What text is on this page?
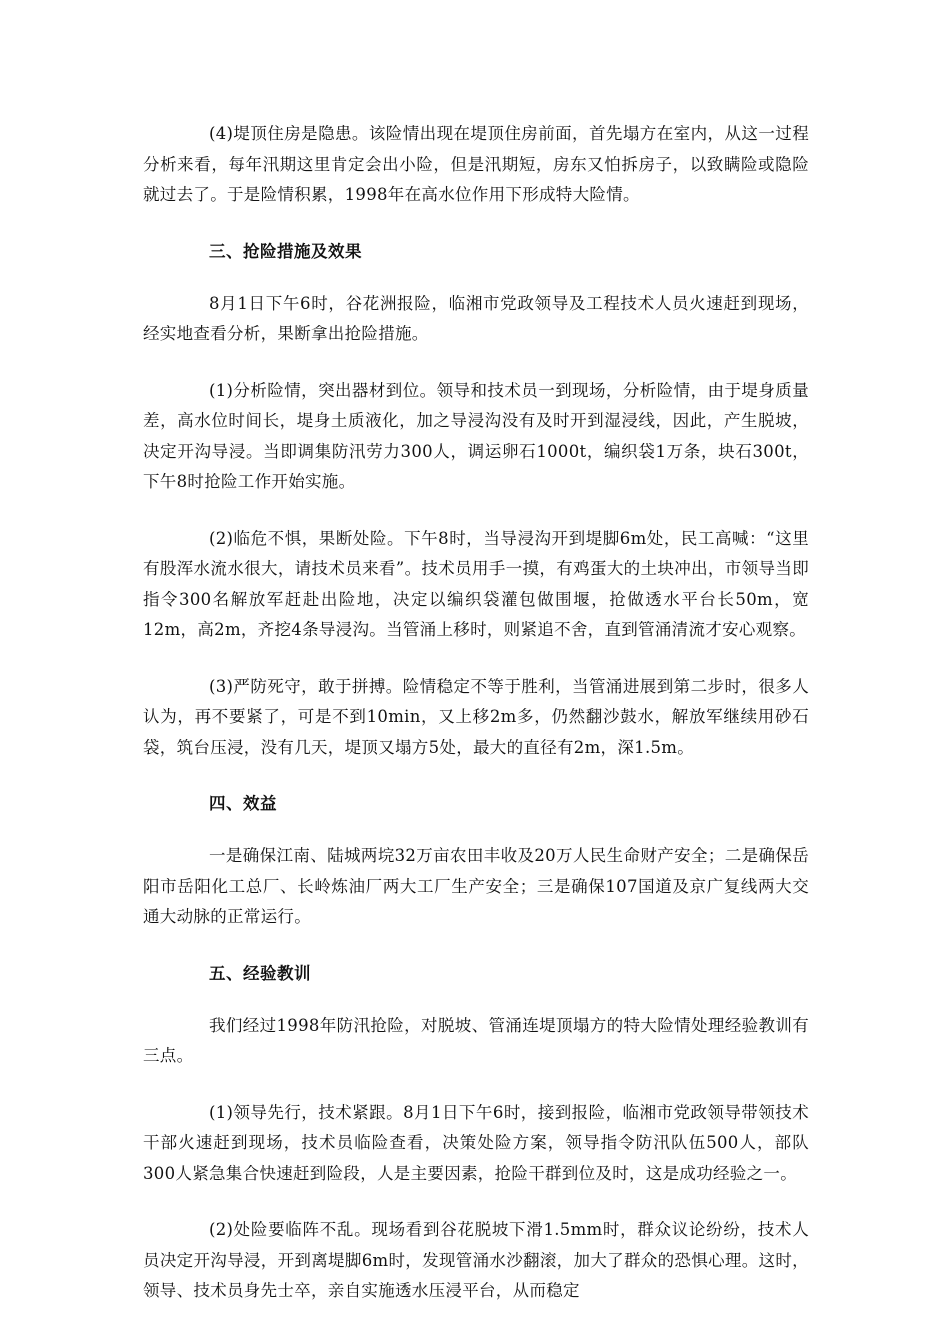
(4)堤顶住房是隐患。该险情出现在堤顶住房前面，首先塌方在室内，从这一过程分析来看，每年汛期这里肯定会出小险，但是汛期短，房东又怕拆房子，以致瞒险或隐险就过去了。于是险情积累，1998年在高水位作用下形成特大险情。

三、抢险措施及效果

8月1日下午6时，谷花洲报险，临湘市党政领导及工程技术人员火速赶到现场，经实地查看分析，果断拿出抢险措施。

(1)分析险情，突出器材到位。领导和技术员一到现场，分析险情，由于堤身质量差，高水位时间长，堤身土质液化，加之导浸沟没有及时开到湿浸线，因此，产生脱坡，决定开沟导浸。当即调集防汛劳力300人，调运卵石1000t，编织袋1万条，块石300t，下午8时抢险工作开始实施。

(2)临危不惧，果断处险。下午8时，当导浸沟开到堤脚6m处，民工高喊：“这里有股浑水流水很大，请技术员来看”。技术员用手一摸，有鸡蛋大的土块冲出，市领导当即指令300名解放军赶赴出险地，决定以编织袋灌包做围堰，抢做透水平台长50m，宽12m，高2m，齐挖4条导浸沟。当管涌上移时，则紧追不舍，直到管涌清流才安心观察。

(3)严防死守，敢于拼搏。险情稳定不等于胜利，当管涌进展到第二步时，很多人认为，再不要紧了，可是不到10min，又上移2m多，仍然翻沙鼓水，解放军继续用砂石袋，筑台压浸，没有几天，堤顶又塌方5处，最大的直径有2m，深1.5m。

四、效益

一是确保江南、陆城两垸32万亩农田丰收及20万人民生命财产安全；二是确保岳阳市岳阳化工总厂、长岭炼油厂两大工厂生产安全；三是确保107国道及京广复线两大交通大动脉的正常运行。

五、经验教训

我们经过1998年防汛抢险，对脱坡、管涌连堤顶塌方的特大险情处理经验教训有三点。

(1)领导先行，技术紧跟。8月1日下午6时，接到报险，临湘市党政领导带领技术干部火速赶到现场，技术员临险查看，决策处险方案，领导指令防汛队伍500人，部队300人紧急集合快速赶到险段，人是主要因素，抢险干群到位及时，这是成功经验之一。

(2)处险要临阵不乱。现场看到谷花脱坡下滑1.5mm时，群众议论纷纷，技术人员决定开沟导浸，开到离堤脚6m时，发现管涌水沙翻滚，加大了群众的恐惧心理。这时，领导、技术员身先士卒，亲自实施透水压浸平台，从而稳定
